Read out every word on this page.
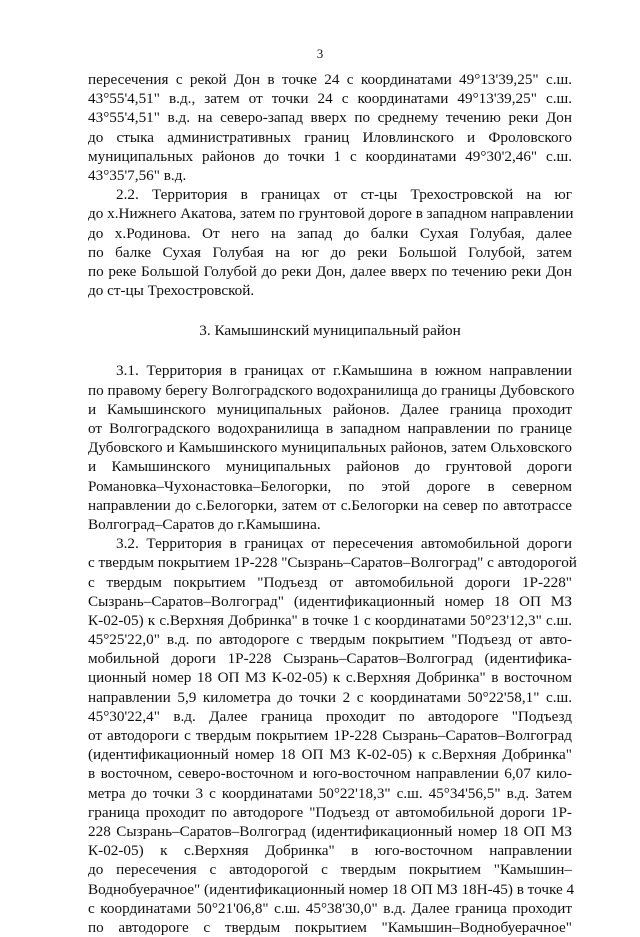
3
пересечения с рекой Дон в точке 24 с координатами 49°13'39,25" с.ш.
43°55'4,51" в.д., затем от точки 24 с координатами 49°13'39,25" с.ш.
43°55'4,51" в.д. на северо-запад вверх по среднему течению реки Дон
до стыка административных границ Иловлинского и Фроловского
муниципальных районов до точки 1 с координатами 49°30'2,46" с.ш.
43°35'7,56" в.д.
2.2. Территория в границах от ст-цы Трехостровской на юг
до х.Нижнего Акатова, затем по грунтовой дороге в западном направлении
до х.Родинова. От него на запад до балки Сухая Голубая, далее
по балке Сухая Голубая на юг до реки Большой Голубой, затем
по реке Большой Голубой до реки Дон, далее вверх по течению реки Дон
до ст-цы Трехостровской.
3. Камышинский муниципальный район
3.1. Территория в границах от г.Камышина в южном направлении
по правому берегу Волгоградского водохранилища до границы Дубовского
и Камышинского муниципальных районов. Далее граница проходит
от Волгоградского водохранилища в западном направлении по границе
Дубовского и Камышинского муниципальных районов, затем Ольховского
и Камышинского муниципальных районов до грунтовой дороги
Романовка–Чухонастовка–Белогорки, по этой дороге в северном
направлении до с.Белогорки, затем от с.Белогорки на север по автотрассе
Волгоград–Саратов до г.Камышина.
3.2. Территория в границах от пересечения автомобильной дороги
с твердым покрытием 1Р-228 "Сызрань–Саратов–Волгоград" с автодорогой
с твердым покрытием "Подъезд от автомобильной дороги 1Р-228"
Сызрань–Саратов–Волгоград" (идентификационный номер 18 ОП МЗ
К-02-05) к с.Верхняя Добринка" в точке 1 с координатами 50°23'12,3" с.ш.
45°25'22,0" в.д. по автодороге с твердым покрытием "Подъезд от авто-
мобильной дороги 1Р-228 Сызрань–Саратов–Волгоград (идентифика-
ционный номер 18 ОП МЗ К-02-05) к с.Верхняя Добринка" в восточном
направлении 5,9 километра до точки 2 с координатами 50°22'58,1" с.ш.
45°30'22,4" в.д. Далее граница проходит по автодороге "Подъезд
от автодороги с твердым покрытием 1Р-228 Сызрань–Саратов–Волгоград
(идентификационный номер 18 ОП МЗ К-02-05) к с.Верхняя Добринка"
в восточном, северо-восточном и юго-восточном направлении 6,07 кило-
метра до точки 3 с координатами 50°22'18,3" с.ш. 45°34'56,5" в.д. Затем
граница проходит по автодороге "Подъезд от автомобильной дороги 1Р-
228 Сызрань–Саратов–Волгоград (идентификационный номер 18 ОП МЗ
К-02-05) к с.Верхняя Добринка" в юго-восточном направлении
до пересечения с автодорогой с твердым покрытием "Камышин–
Воднобуерачное" (идентификационный номер 18 ОП МЗ 18Н-45) в точке 4
с координатами 50°21'06,8" с.ш. 45°38'30,0" в.д. Далее граница проходит
по автодороге с твердым покрытием "Камышин–Воднобуерачное"
